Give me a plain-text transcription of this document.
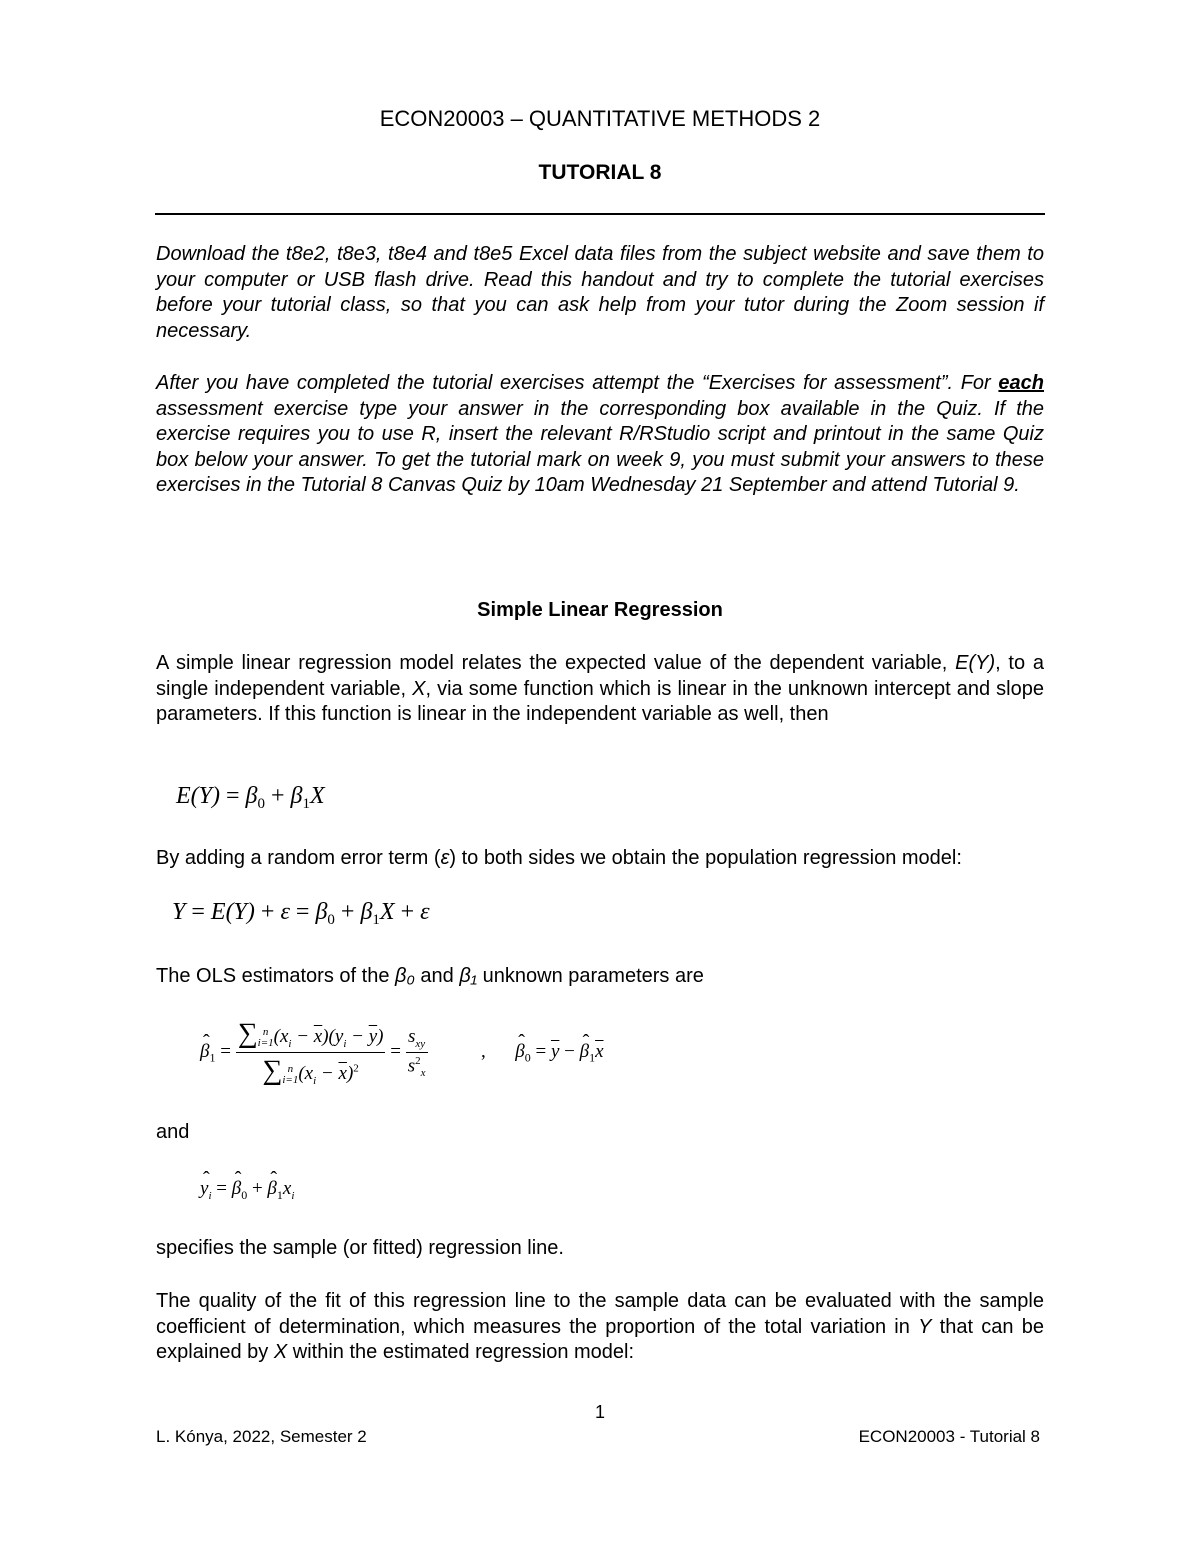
ECON20003 – QUANTITATIVE METHODS 2
TUTORIAL 8
Download the t8e2, t8e3, t8e4 and t8e5 Excel data files from the subject website and save them to your computer or USB flash drive. Read this handout and try to complete the tutorial exercises before your tutorial class, so that you can ask help from your tutor during the Zoom session if necessary.
After you have completed the tutorial exercises attempt the “Exercises for assessment”. For each assessment exercise type your answer in the corresponding box available in the Quiz. If the exercise requires you to use R, insert the relevant R/RStudio script and printout in the same Quiz box below your answer. To get the tutorial mark on week 9, you must submit your answers to these exercises in the Tutorial 8 Canvas Quiz by 10am Wednesday 21 September and attend Tutorial 9.
Simple Linear Regression
A simple linear regression model relates the expected value of the dependent variable, E(Y), to a single independent variable, X, via some function which is linear in the unknown intercept and slope parameters. If this function is linear in the independent variable as well, then
$E(Y) = \beta_0 + \beta_1X$
By adding a random error term (ε) to both sides we obtain the population regression model:
$Y = E(Y) + \varepsilon = \beta_0 + \beta_1X + \varepsilon$
The OLS estimators of the β₀ and β₁ unknown parameters are
ˆ $\beta_1$ =
∑ n
$i=1(x_i - \overline{x})(y_i - \overline{y})$
∑ n
$i=1(x_i - \overline{x})^2$
= $\frac{s_{xy}}{s^2_x}$	, ˆ $\beta_0 = \overline{y}$ − ˆ $\beta_1\overline{x}$
and
ˆ $y_i$ = ˆ $\beta_0$ + ˆ $\beta_1x_i$
specifies the sample (or fitted) regression line.
The quality of the fit of this regression line to the sample data can be evaluated with the sample coefficient of determination, which measures the proportion of the total variation in Y that can be explained by X within the estimated regression model:
1
L. Kónya, 2022, Semester 2	ECON20003 - Tutorial 8
